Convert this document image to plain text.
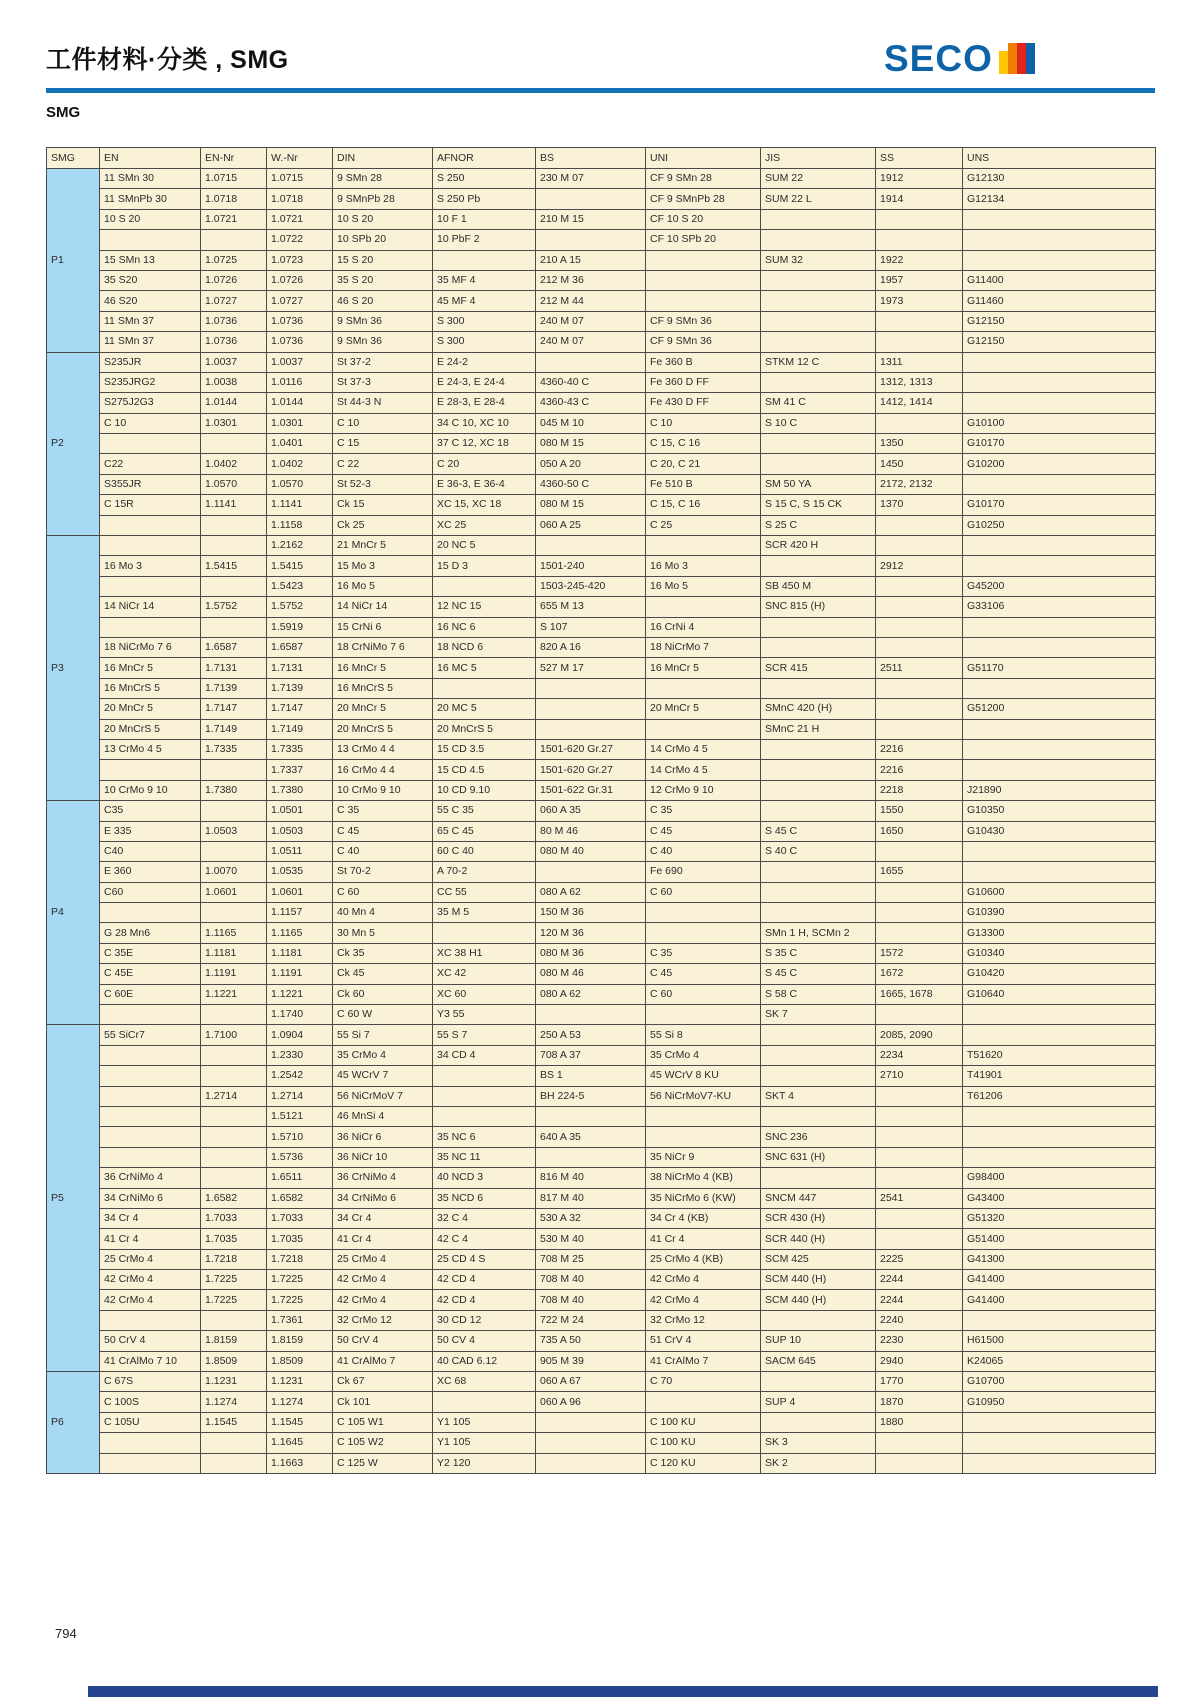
工件材料·分类 , SMG	SECO
SMG
SMG	EN	EN-Nr	W.-Nr	DIN	AFNOR	BS	UNI	JIS	SS	UNS
P1	11 SMn 30	1.0715	1.0715	9 SMn 28	S 250	230 M 07	CF 9 SMn 28	SUM 22	1912	G12130
	11 SMnPb 30	1.0718	1.0718	9 SMnPb 28	S 250 Pb		CF 9 SMnPb 28	SUM 22 L	1914	G12134
	10 S 20	1.0721	1.0721	10 S 20	10 F 1	210 M 15	CF 10 S 20			
			1.0722	10 SPb 20	10 PbF 2		CF 10 SPb 20			
	15 SMn 13	1.0725	1.0723	15 S 20		210 A 15		SUM 32	1922	
	35 S20	1.0726	1.0726	35 S 20	35 MF 4	212 M 36			1957	G11400
	46 S20	1.0727	1.0727	46 S 20	45 MF 4	212 M 44			1973	G11460
	11 SMn 37	1.0736	1.0736	9 SMn 36	S 300	240 M 07	CF 9 SMn 36			G12150
	11 SMn 37	1.0736	1.0736	9 SMn 36	S 300	240 M 07	CF 9 SMn 36			G12150
P2	S235JR	1.0037	1.0037	St 37-2	E 24-2		Fe 360 B	STKM 12 C	1311	
	S235JRG2	1.0038	1.0116	St 37-3	E 24-3, E 24-4	4360-40 C	Fe 360 D FF		1312, 1313	
	S275J2G3	1.0144	1.0144	St 44-3 N	E 28-3, E 28-4	4360-43 C	Fe 430 D FF	SM 41 C	1412, 1414	
	C 10	1.0301	1.0301	C 10	34 C 10, XC 10	045 M 10	C 10	S 10 C		G10100
			1.0401	C 15	37 C 12, XC 18	080 M 15	C 15, C 16		1350	G10170
	C22	1.0402	1.0402	C 22	C 20	050 A 20	C 20, C 21		1450	G10200
	S355JR	1.0570	1.0570	St 52-3	E 36-3, E 36-4	4360-50 C	Fe 510 B	SM 50 YA	2172, 2132	
	C 15R	1.1141	1.1141	Ck 15	XC 15, XC 18	080 M 15	C 15, C 16	S 15 C, S 15 CK	1370	G10170
			1.1158	Ck 25	XC 25	060 A 25	C 25	S 25 C		G10250
P3			1.2162	21 MnCr 5	20 NC 5			SCR 420 H		
	16 Mo 3	1.5415	1.5415	15 Mo 3	15 D 3	1501-240	16 Mo 3		2912	
			1.5423	16 Mo 5		1503-245-420	16 Mo 5	SB 450 M		G45200
	14 NiCr 14	1.5752	1.5752	14 NiCr 14	12 NC 15	655 M 13		SNC 815 (H)		G33106
			1.5919	15 CrNi 6	16 NC 6	S 107	16 CrNi 4			
	18 NiCrMo 7 6	1.6587	1.6587	18 CrNiMo 7 6	18 NCD 6	820 A 16	18 NiCrMo 7			
	16 MnCr 5	1.7131	1.7131	16 MnCr 5	16 MC 5	527 M 17	16 MnCr 5	SCR 415	2511	G51170
	16 MnCrS 5	1.7139	1.7139	16 MnCrS 5						
	20 MnCr 5	1.7147	1.7147	20 MnCr 5	20 MC 5		20 MnCr 5	SMnC 420 (H)		G51200
	20 MnCrS 5	1.7149	1.7149	20 MnCrS 5	20 MnCrS 5			SMnC 21 H		
	13 CrMo 4 5	1.7335	1.7335	13 CrMo 4 4	15 CD 3.5	1501-620 Gr.27	14 CrMo 4 5		2216	
			1.7337	16 CrMo 4 4	15 CD 4.5	1501-620 Gr.27	14 CrMo 4 5		2216	
	10 CrMo 9 10	1.7380	1.7380	10 CrMo 9 10	10 CD 9.10	1501-622 Gr.31	12 CrMo 9 10		2218	J21890
P4	C35		1.0501	C 35	55 C 35	060 A 35	C 35		1550	G10350
	E 335	1.0503	1.0503	C 45	65 C 45	80 M 46	C 45	S 45 C	1650	G10430
	C40		1.0511	C 40	60 C 40	080 M 40	C 40	S 40 C		
	E 360	1.0070	1.0535	St 70-2	A 70-2		Fe 690		1655	
	C60	1.0601	1.0601	C 60	CC 55	080 A 62	C 60			G10600
			1.1157	40 Mn 4	35 M 5	150 M 36				G10390
	G 28 Mn6	1.1165	1.1165	30 Mn 5		120 M 36		SMn 1 H, SCMn 2		G13300
	C 35E	1.1181	1.1181	Ck 35	XC 38 H1	080 M 36	C 35	S 35 C	1572	G10340
	C 45E	1.1191	1.1191	Ck 45	XC 42	080 M 46	C 45	S 45 C	1672	G10420
	C 60E	1.1221	1.1221	Ck 60	XC 60	080 A 62	C 60	S 58 C	1665, 1678	G10640
			1.1740	C 60 W	Y3 55			SK 7		
P5	55 SiCr7	1.7100	1.0904	55 Si 7	55 S 7	250 A 53	55 Si 8		2085, 2090	
			1.2330	35 CrMo 4	34 CD 4	708 A 37	35 CrMo 4		2234	T51620
			1.2542	45 WCrV 7		BS 1	45 WCrV 8 KU		2710	T41901
		1.2714	1.2714	56 NiCrMoV 7		BH 224-5	56 NiCrMoV7-KU	SKT 4		T61206
			1.5121	46 MnSi 4						
			1.5710	36 NiCr 6	35 NC 6	640 A 35		SNC 236		
			1.5736	36 NiCr 10	35 NC 11		35 NiCr 9	SNC 631 (H)		
	36 CrNiMo 4		1.6511	36 CrNiMo 4	40 NCD 3	816 M 40	38 NiCrMo 4 (KB)			G98400
	34 CrNiMo 6	1.6582	1.6582	34 CrNiMo 6	35 NCD 6	817 M 40	35 NiCrMo 6 (KW)	SNCM 447	2541	G43400
	34 Cr 4	1.7033	1.7033	34 Cr 4	32 C 4	530 A 32	34 Cr 4 (KB)	SCR 430 (H)		G51320
	41 Cr 4	1.7035	1.7035	41 Cr 4	42 C 4	530 M 40	41 Cr 4	SCR 440 (H)		G51400
	25 CrMo 4	1.7218	1.7218	25 CrMo 4	25 CD 4 S	708 M 25	25 CrMo 4 (KB)	SCM 425	2225	G41300
	42 CrMo 4	1.7225	1.7225	42 CrMo 4	42 CD 4	708 M 40	42 CrMo 4	SCM 440 (H)	2244	G41400
	42 CrMo 4	1.7225	1.7225	42 CrMo 4	42 CD 4	708 M 40	42 CrMo 4	SCM 440 (H)	2244	G41400
			1.7361	32 CrMo 12	30 CD 12	722 M 24	32 CrMo 12		2240	
	50 CrV 4	1.8159	1.8159	50 CrV 4	50 CV 4	735 A 50	51 CrV 4	SUP 10	2230	H61500
	41 CrAlMo 7 10	1.8509	1.8509	41 CrAlMo 7	40 CAD 6.12	905 M 39	41 CrAlMo 7	SACM 645	2940	K24065
P6	C 67S	1.1231	1.1231	Ck 67	XC 68	060 A 67	C 70		1770	G10700
	C 100S	1.1274	1.1274	Ck 101		060 A 96		SUP 4	1870	G10950
	C 105U	1.1545	1.1545	C 105 W1	Y1 105		C 100 KU		1880	
			1.1645	C 105 W2	Y1 105		C 100 KU	SK 3		
			1.1663	C 125 W	Y2 120		C 120 KU	SK 2		
794
